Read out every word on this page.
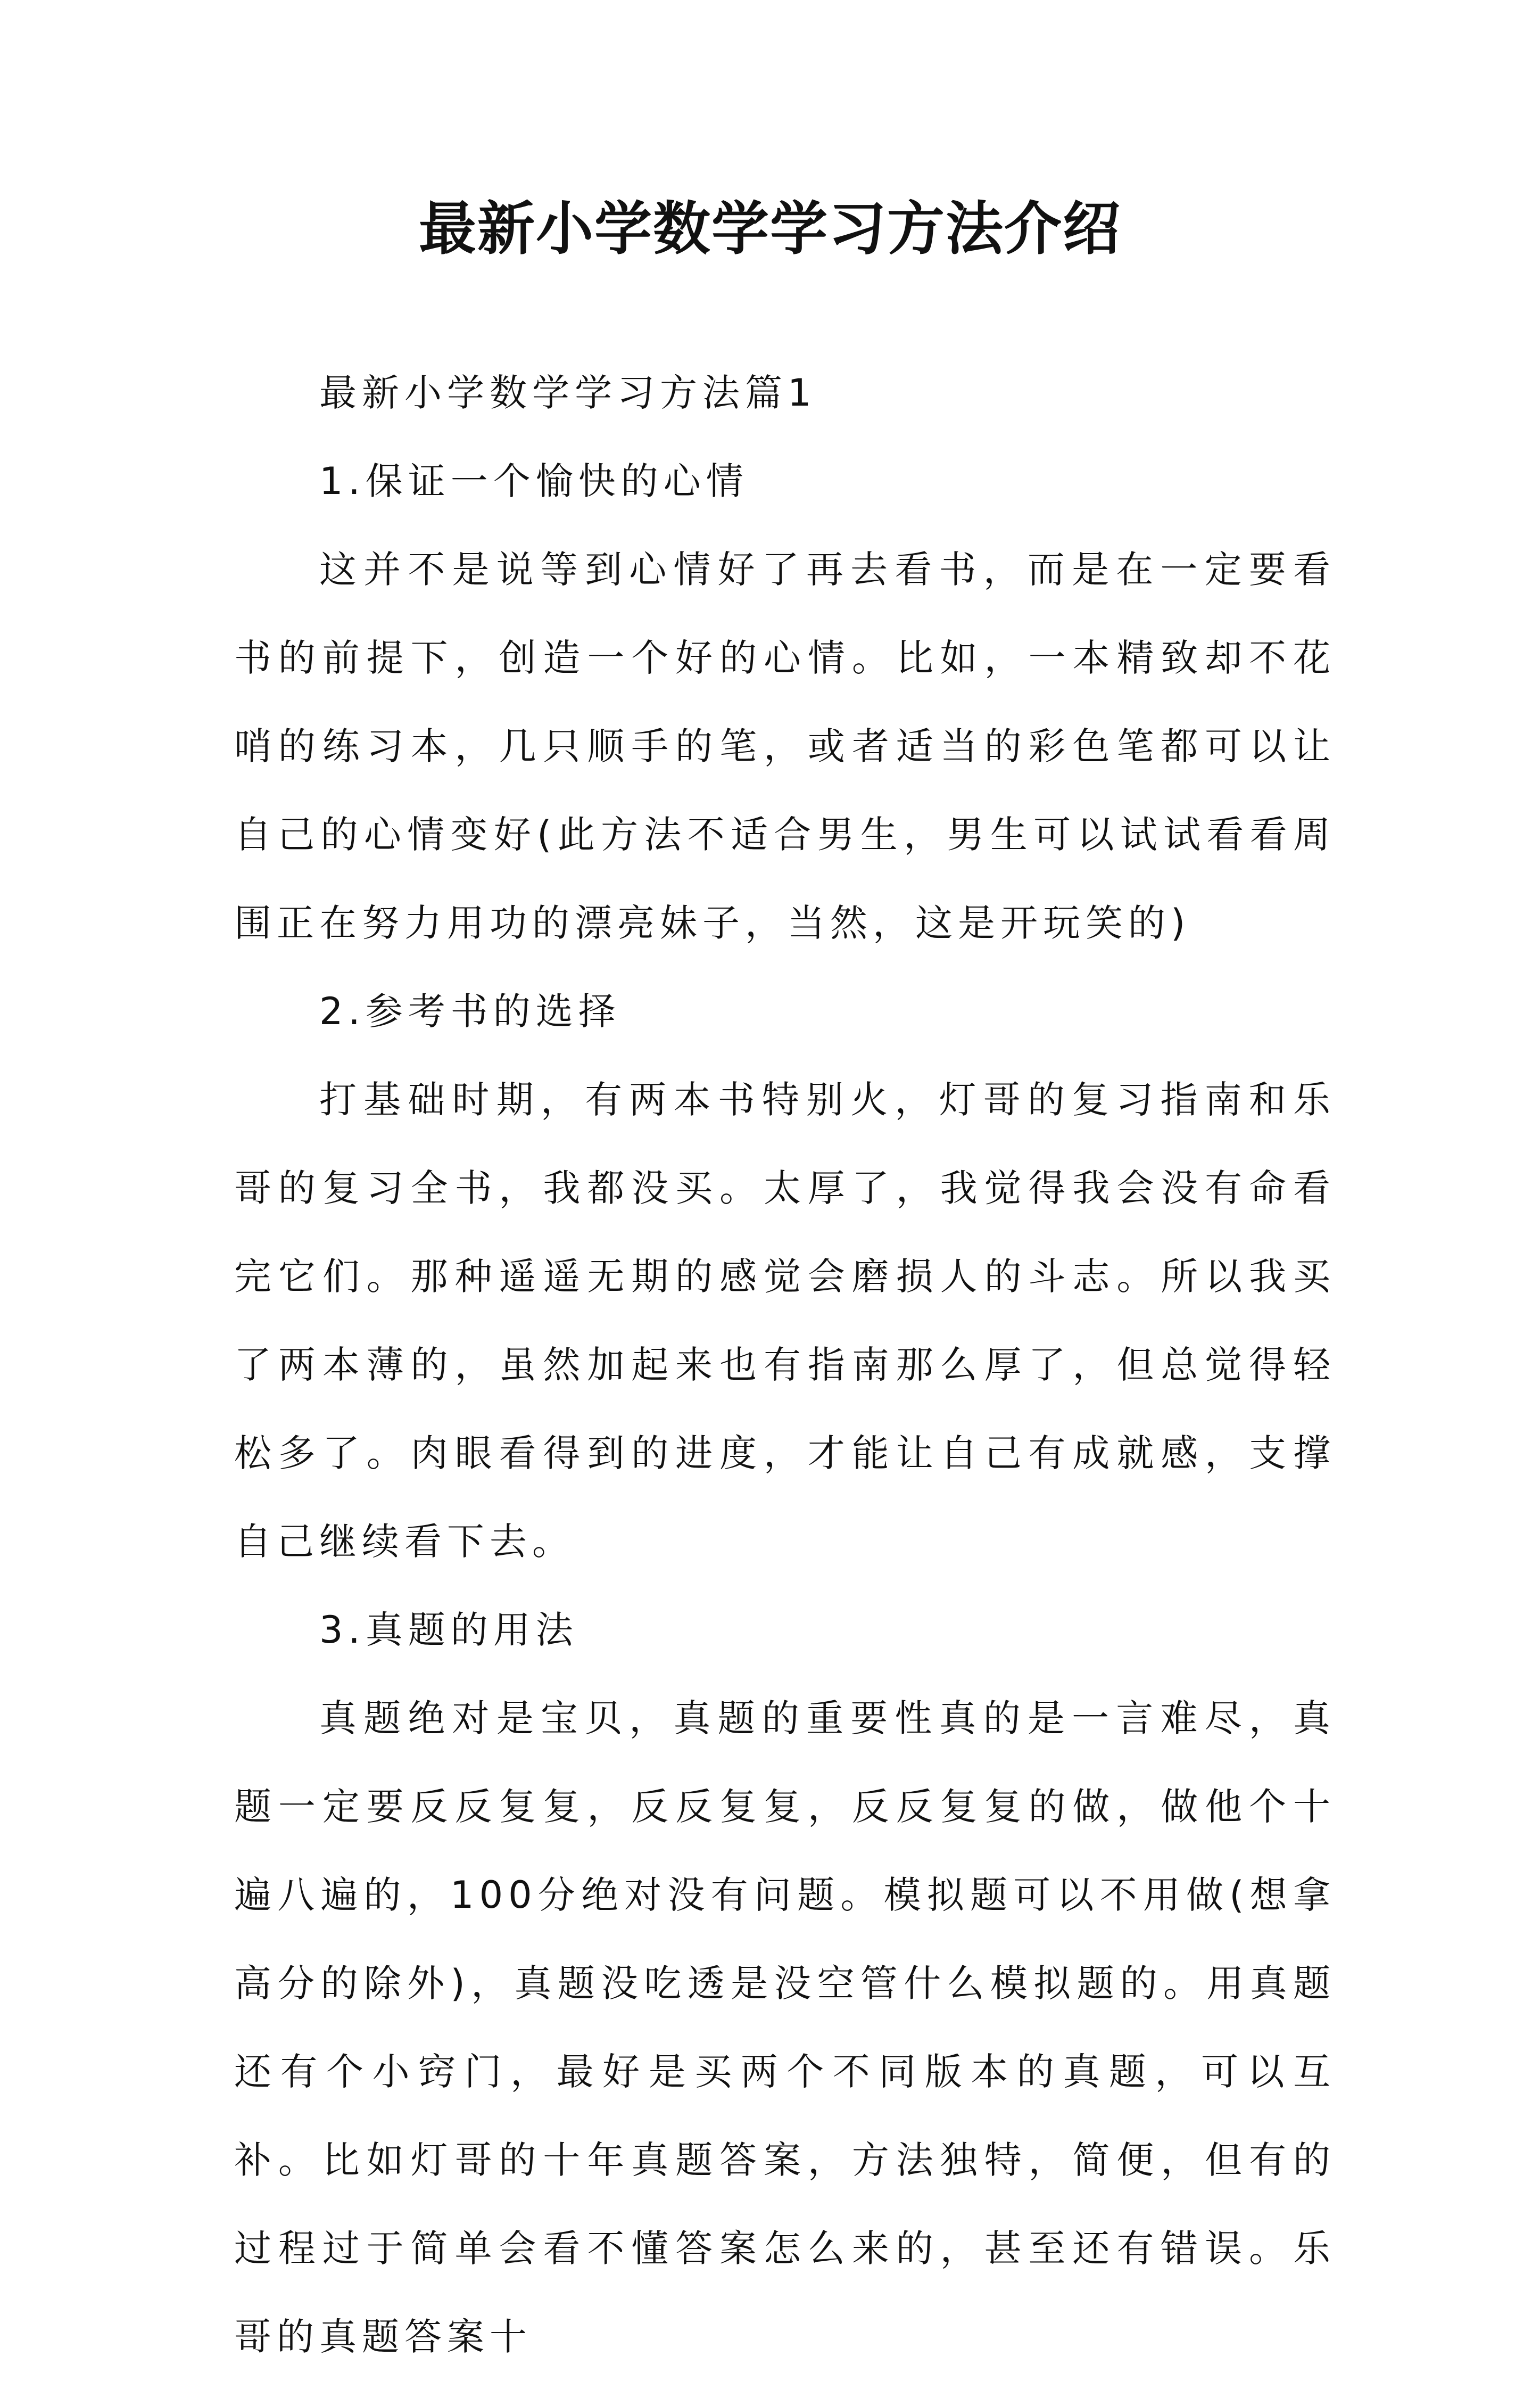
最新小学数学学习方法介绍

最新小学数学学习方法篇1

1.保证一个愉快的心情

这并不是说等到心情好了再去看书，而是在一定要看书的前提下，创造一个好的心情。比如，一本精致却不花哨的练习本，几只顺手的笔，或者适当的彩色笔都可以让自己的心情变好(此方法不适合男生，男生可以试试看看周围正在努力用功的漂亮妹子，当然，这是开玩笑的)

2.参考书的选择

打基础时期，有两本书特别火，灯哥的复习指南和乐哥的复习全书，我都没买。太厚了，我觉得我会没有命看完它们。那种遥遥无期的感觉会磨损人的斗志。所以我买了两本薄的，虽然加起来也有指南那么厚了，但总觉得轻松多了。肉眼看得到的进度，才能让自己有成就感，支撑自己继续看下去。

3.真题的用法

真题绝对是宝贝，真题的重要性真的是一言难尽，真题一定要反反复复，反反复复，反反复复的做，做他个十遍八遍的，100分绝对没有问题。模拟题可以不用做(想拿高分的除外)，真题没吃透是没空管什么模拟题的。用真题还有个小窍门，最好是买两个不同版本的真题，可以互补。比如灯哥的十年真题答案，方法独特，简便，但有的过程过于简单会看不懂答案怎么来的，甚至还有错误。乐哥的真题答案十
